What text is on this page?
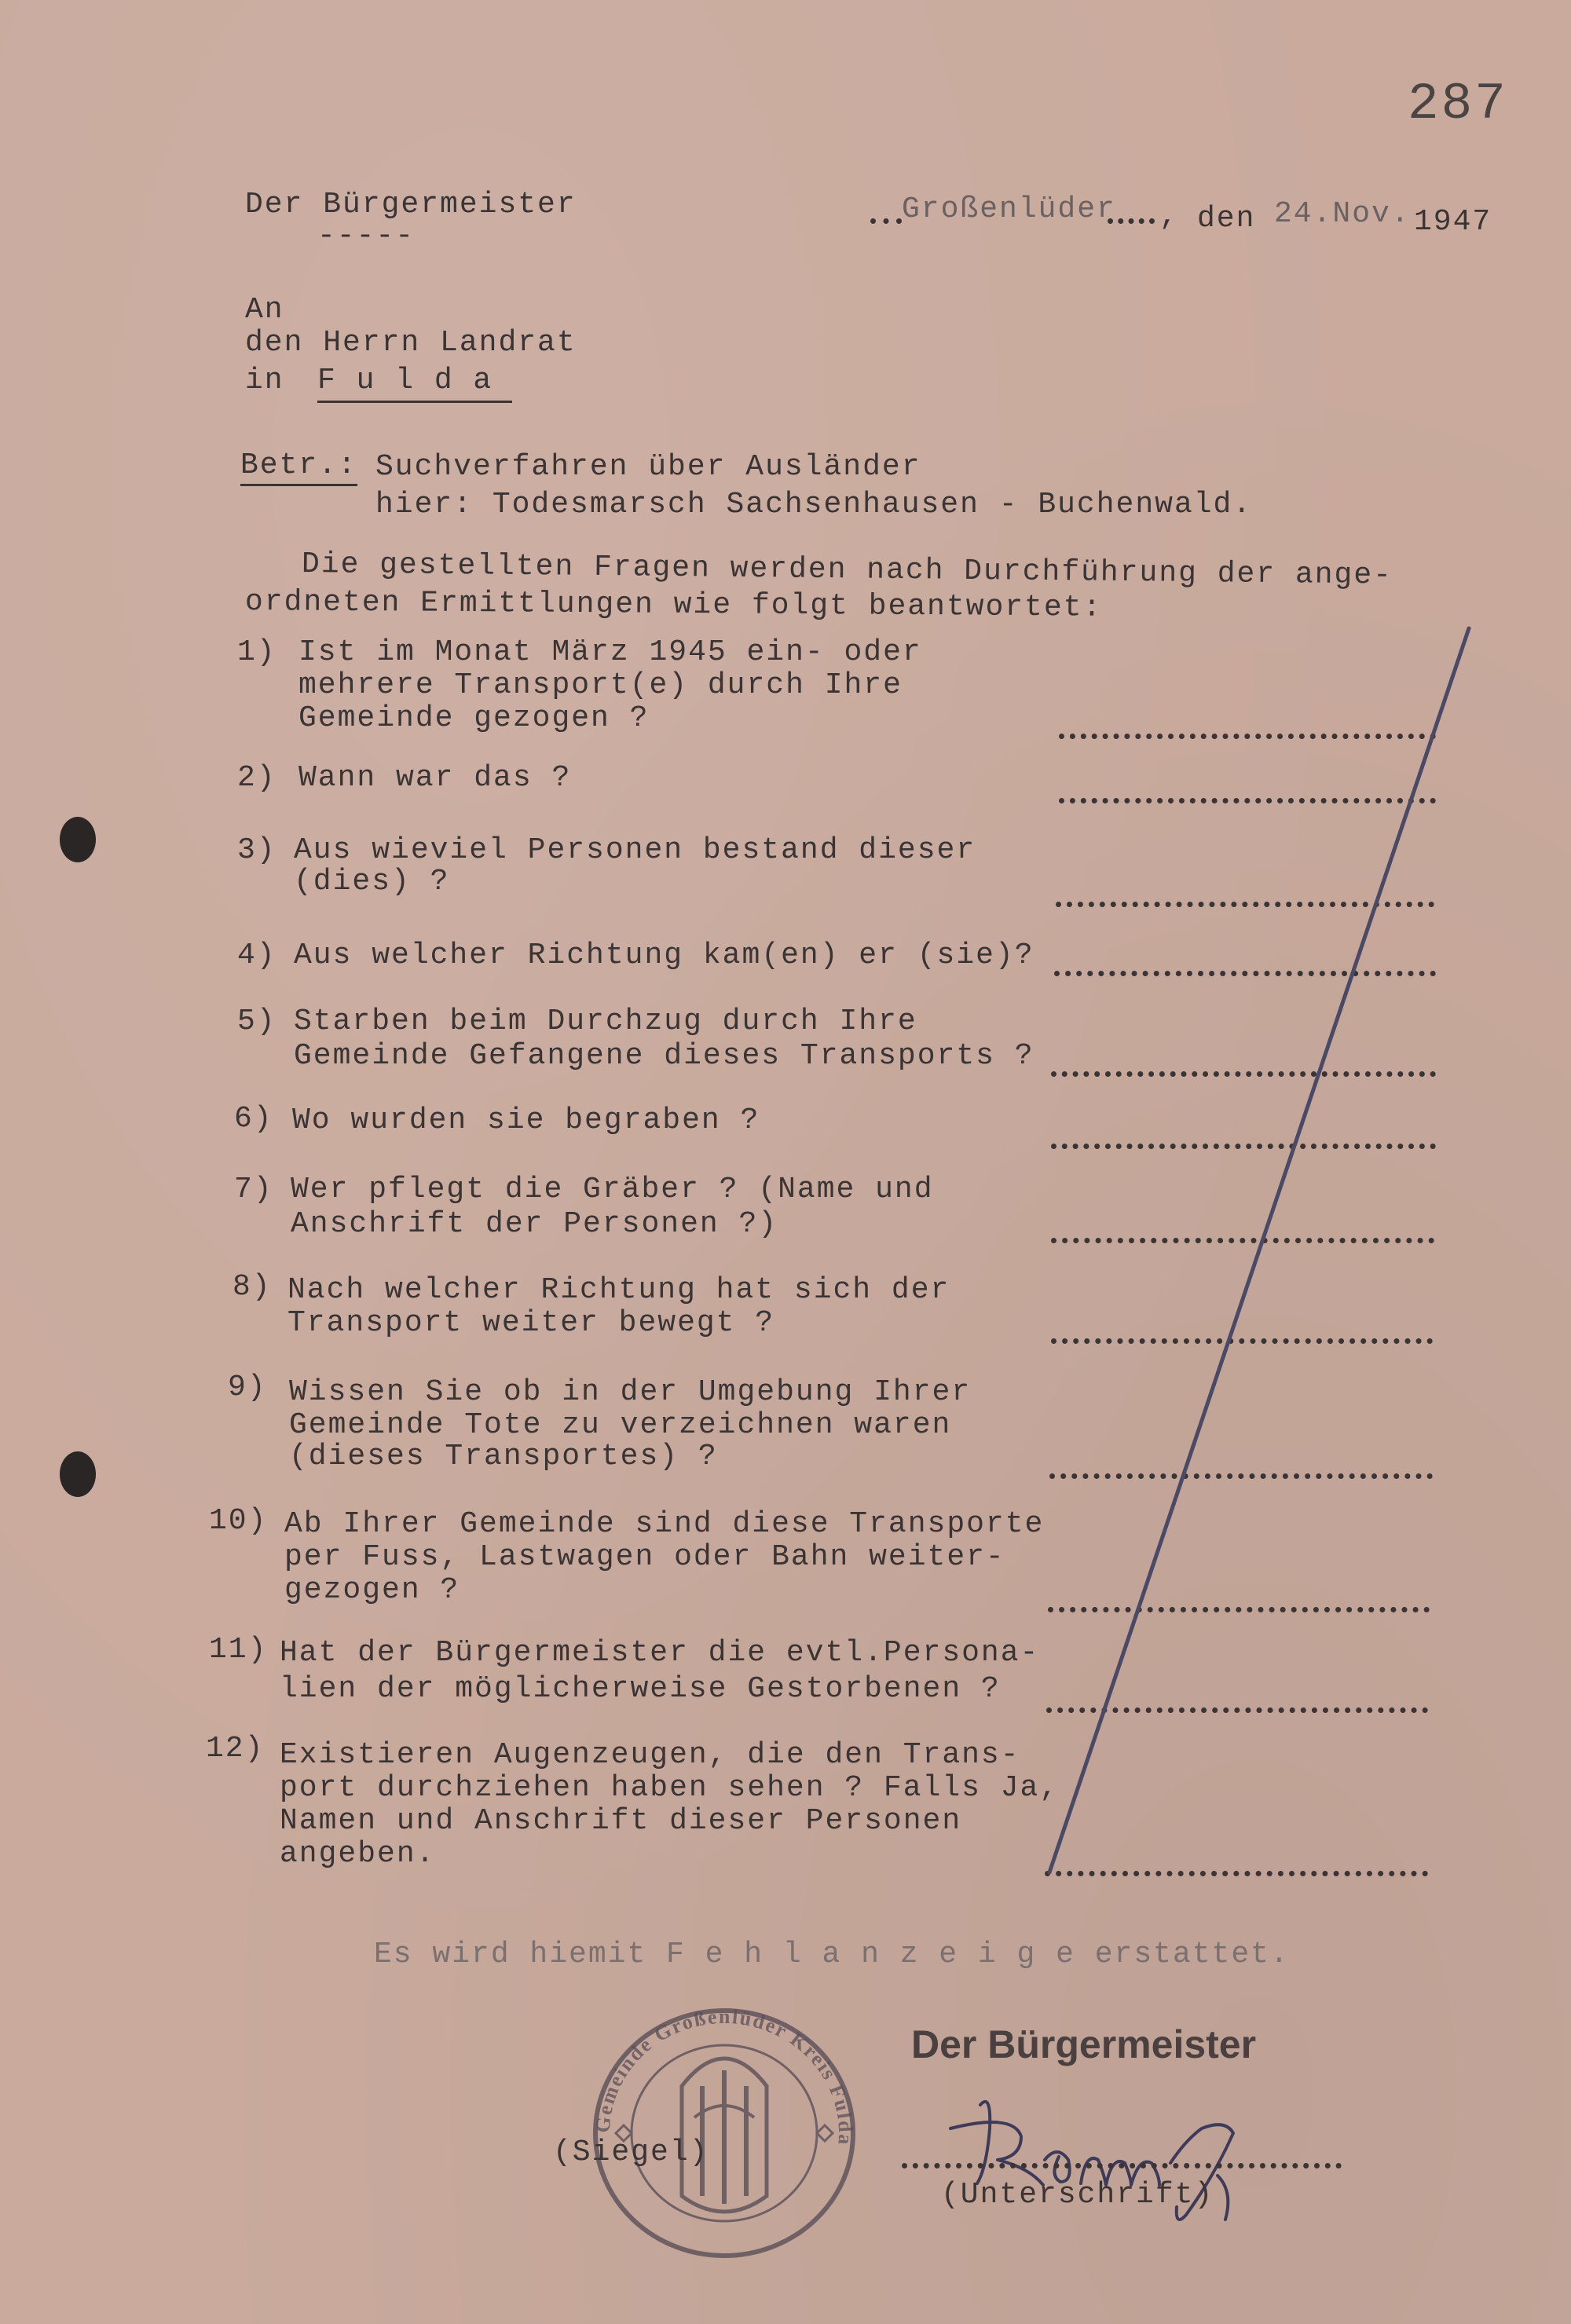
287
Der Bürgermeister
-----
Großenlüder , den 24.Nov. 1947
An
den Herrn Landrat
in F u l d a
Betr.: Suchverfahren über Ausländer
hier: Todesmarsch Sachsenhausen - Buchenwald.
Die gestellten Fragen werden nach Durchführung der ange-
ordneten Ermittlungen wie folgt beantwortet:
1) Ist im Monat März 1945 ein- oder
mehrere Transport(e) durch Ihre
Gemeinde gezogen ?
2) Wann war das ?
3) Aus wieviel Personen bestand dieser
(dies) ?
4) Aus welcher Richtung kam(en) er (sie)?
5) Starben beim Durchzug durch Ihre
Gemeinde Gefangene dieses Transports ?
6) Wo wurden sie begraben ?
7) Wer pflegt die Gräber ? (Name und
Anschrift der Personen ?)
8) Nach welcher Richtung hat sich der
Transport weiter bewegt ?
9) Wissen Sie ob in der Umgebung Ihrer
Gemeinde Tote zu verzeichnen waren
(dieses Transportes) ?
10) Ab Ihrer Gemeinde sind diese Transporte
per Fuss, Lastwagen oder Bahn weiter-
gezogen ?
11) Hat der Bürgermeister die evtl.Persona-
lien der möglicherweise Gestorbenen ?
12) Existieren Augenzeugen, die den Trans-
port durchziehen haben sehen ? Falls Ja,
Namen und Anschrift dieser Personen
angeben.
Es wird hiemit F e h l a n z e i g e erstattet.
Gemeinde Großenlüder Kreis Fulda
(Siegel)
Der Bürgermeister
(Unterschrift)
